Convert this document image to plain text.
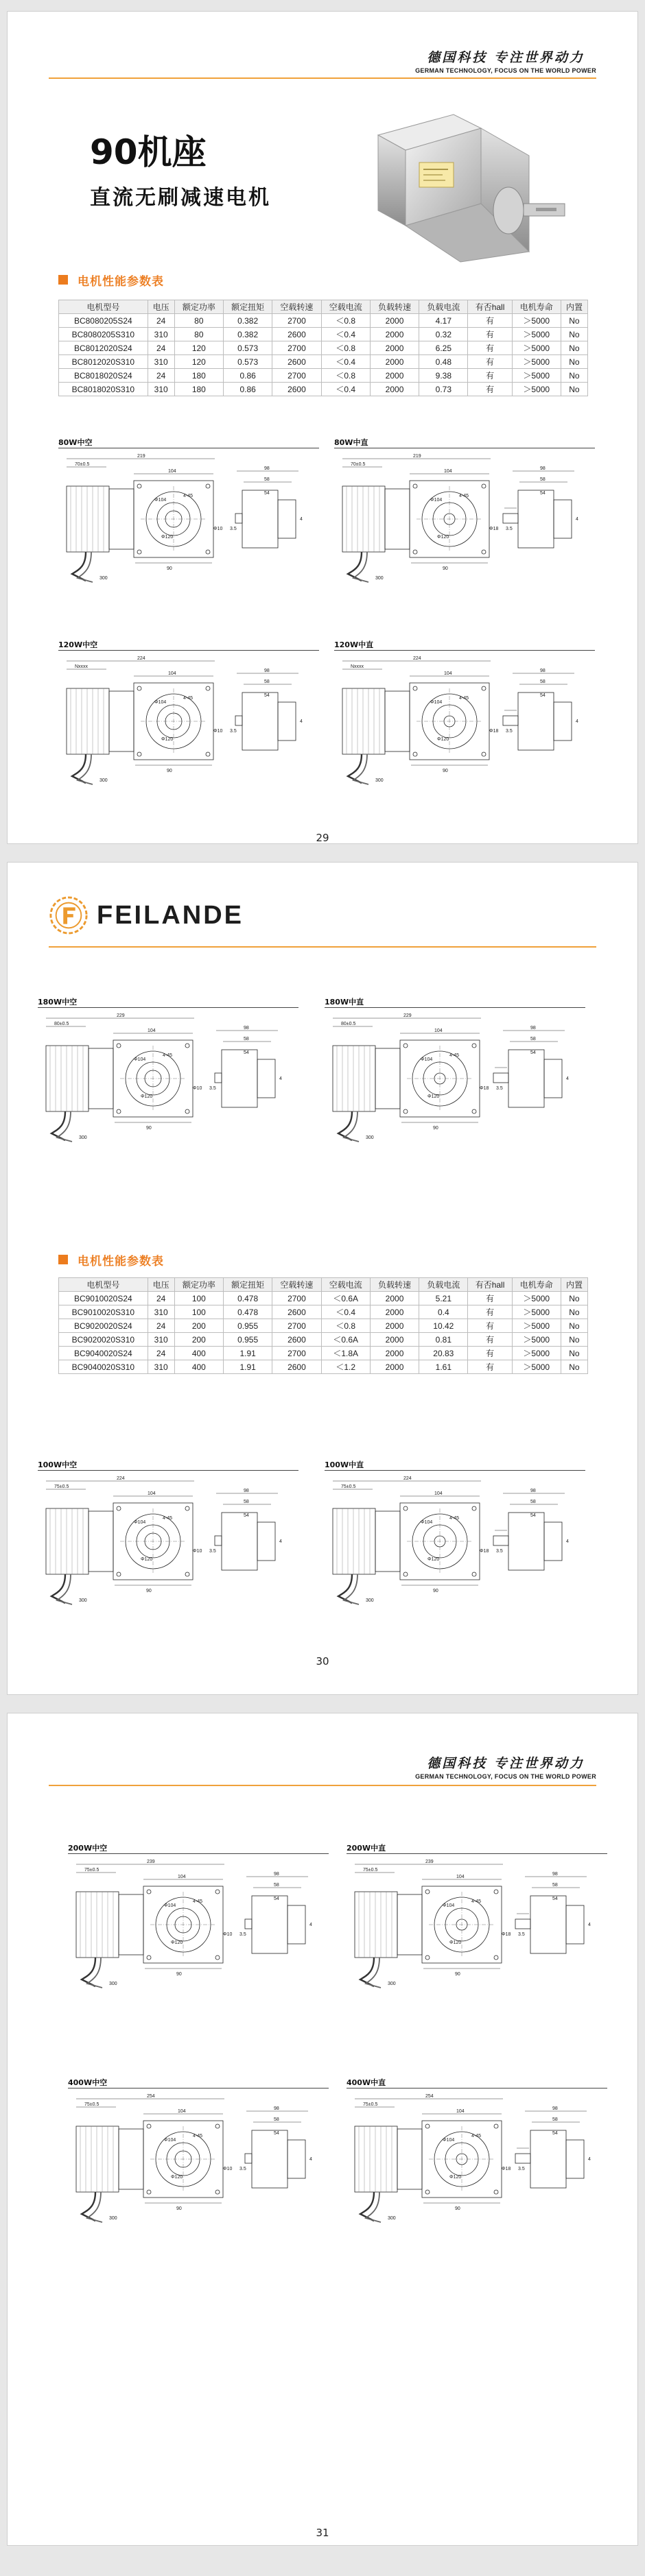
德国科技 专注世界动力
GERMAN TECHNOLOGY, FOCUS ON THE WORLD POWER
90机座
直流无刷减速电机
电机性能参数表
电机型号	电压	额定功率	额定扭矩	空载转速	空载电流	负载转速	负载电流	有否hall	电机寿命	内置
BC8080205S24	24	80	0.382	2700	＜0.8	2000	4.17	有	＞5000	No
BC8080205S310	310	80	0.382	2600	＜0.4	2000	0.32	有	＞5000	No
BC8012020S24	24	120	0.573	2700	＜0.8	2000	6.25	有	＞5000	No
BC8012020S310	310	120	0.573	2600	＜0.4	2000	0.48	有	＞5000	No
BC8018020S24	24	180	0.86	2700	＜0.8	2000	9.38	有	＞5000	No
BC8018020S310	310	180	0.86	2600	＜0.4	2000	0.73	有	＞5000	No
80W中空
219
70±0.5
104
Φ104
4-45
Φ120
90
300
98
58
54
3.5
4
Φ10
80W中直
219
70±0.5
104
Φ104
4-45
Φ120
90
300
98
58
54
3.5
4
Φ18
120W中空
224
Nxxxx
104
Φ104
4-45
Φ120
90
300
98
58
54
3.5
4
Φ10
120W中直
224
Nxxxx
104
Φ104
4-45
Φ120
90
300
98
58
54
3.5
4
Φ18
29
FEILANDE
180W中空
229
80±0.5
104
Φ104
4-45
Φ120
90
300
98
58
54
3.5
4
Φ10
180W中直
229
80±0.5
104
Φ104
4-45
Φ120
90
300
98
58
54
3.5
4
Φ18
电机性能参数表
电机型号	电压	额定功率	额定扭矩	空载转速	空载电流	负载转速	负载电流	有否hall	电机寿命	内置
BC9010020S24	24	100	0.478	2700	＜0.6A	2000	5.21	有	＞5000	No
BC9010020S310	310	100	0.478	2600	＜0.4	2000	0.4	有	＞5000	No
BC9020020S24	24	200	0.955	2700	＜0.8	2000	10.42	有	＞5000	No
BC9020020S310	310	200	0.955	2600	＜0.6A	2000	0.81	有	＞5000	No
BC9040020S24	24	400	1.91	2700	＜1.8A	2000	20.83	有	＞5000	No
BC9040020S310	310	400	1.91	2600	＜1.2	2000	1.61	有	＞5000	No
100W中空
224
75±0.5
104
Φ104
4-45
Φ120
90
300
98
58
54
3.5
4
Φ10
100W中直
224
75±0.5
104
Φ104
4-45
Φ120
90
300
98
58
54
3.5
4
Φ18
30
德国科技 专注世界动力
GERMAN TECHNOLOGY, FOCUS ON THE WORLD POWER
200W中空
239
75±0.5
104
Φ104
4-45
Φ120
90
300
98
58
54
3.5
4
Φ10
200W中直
239
75±0.5
104
Φ104
4-45
Φ120
90
300
98
58
54
3.5
4
Φ18
400W中空
254
75±0.5
104
Φ104
4-45
Φ120
90
300
98
58
54
3.5
4
Φ10
400W中直
254
75±0.5
104
Φ104
4-45
Φ120
90
300
98
58
54
3.5
4
Φ18
31
